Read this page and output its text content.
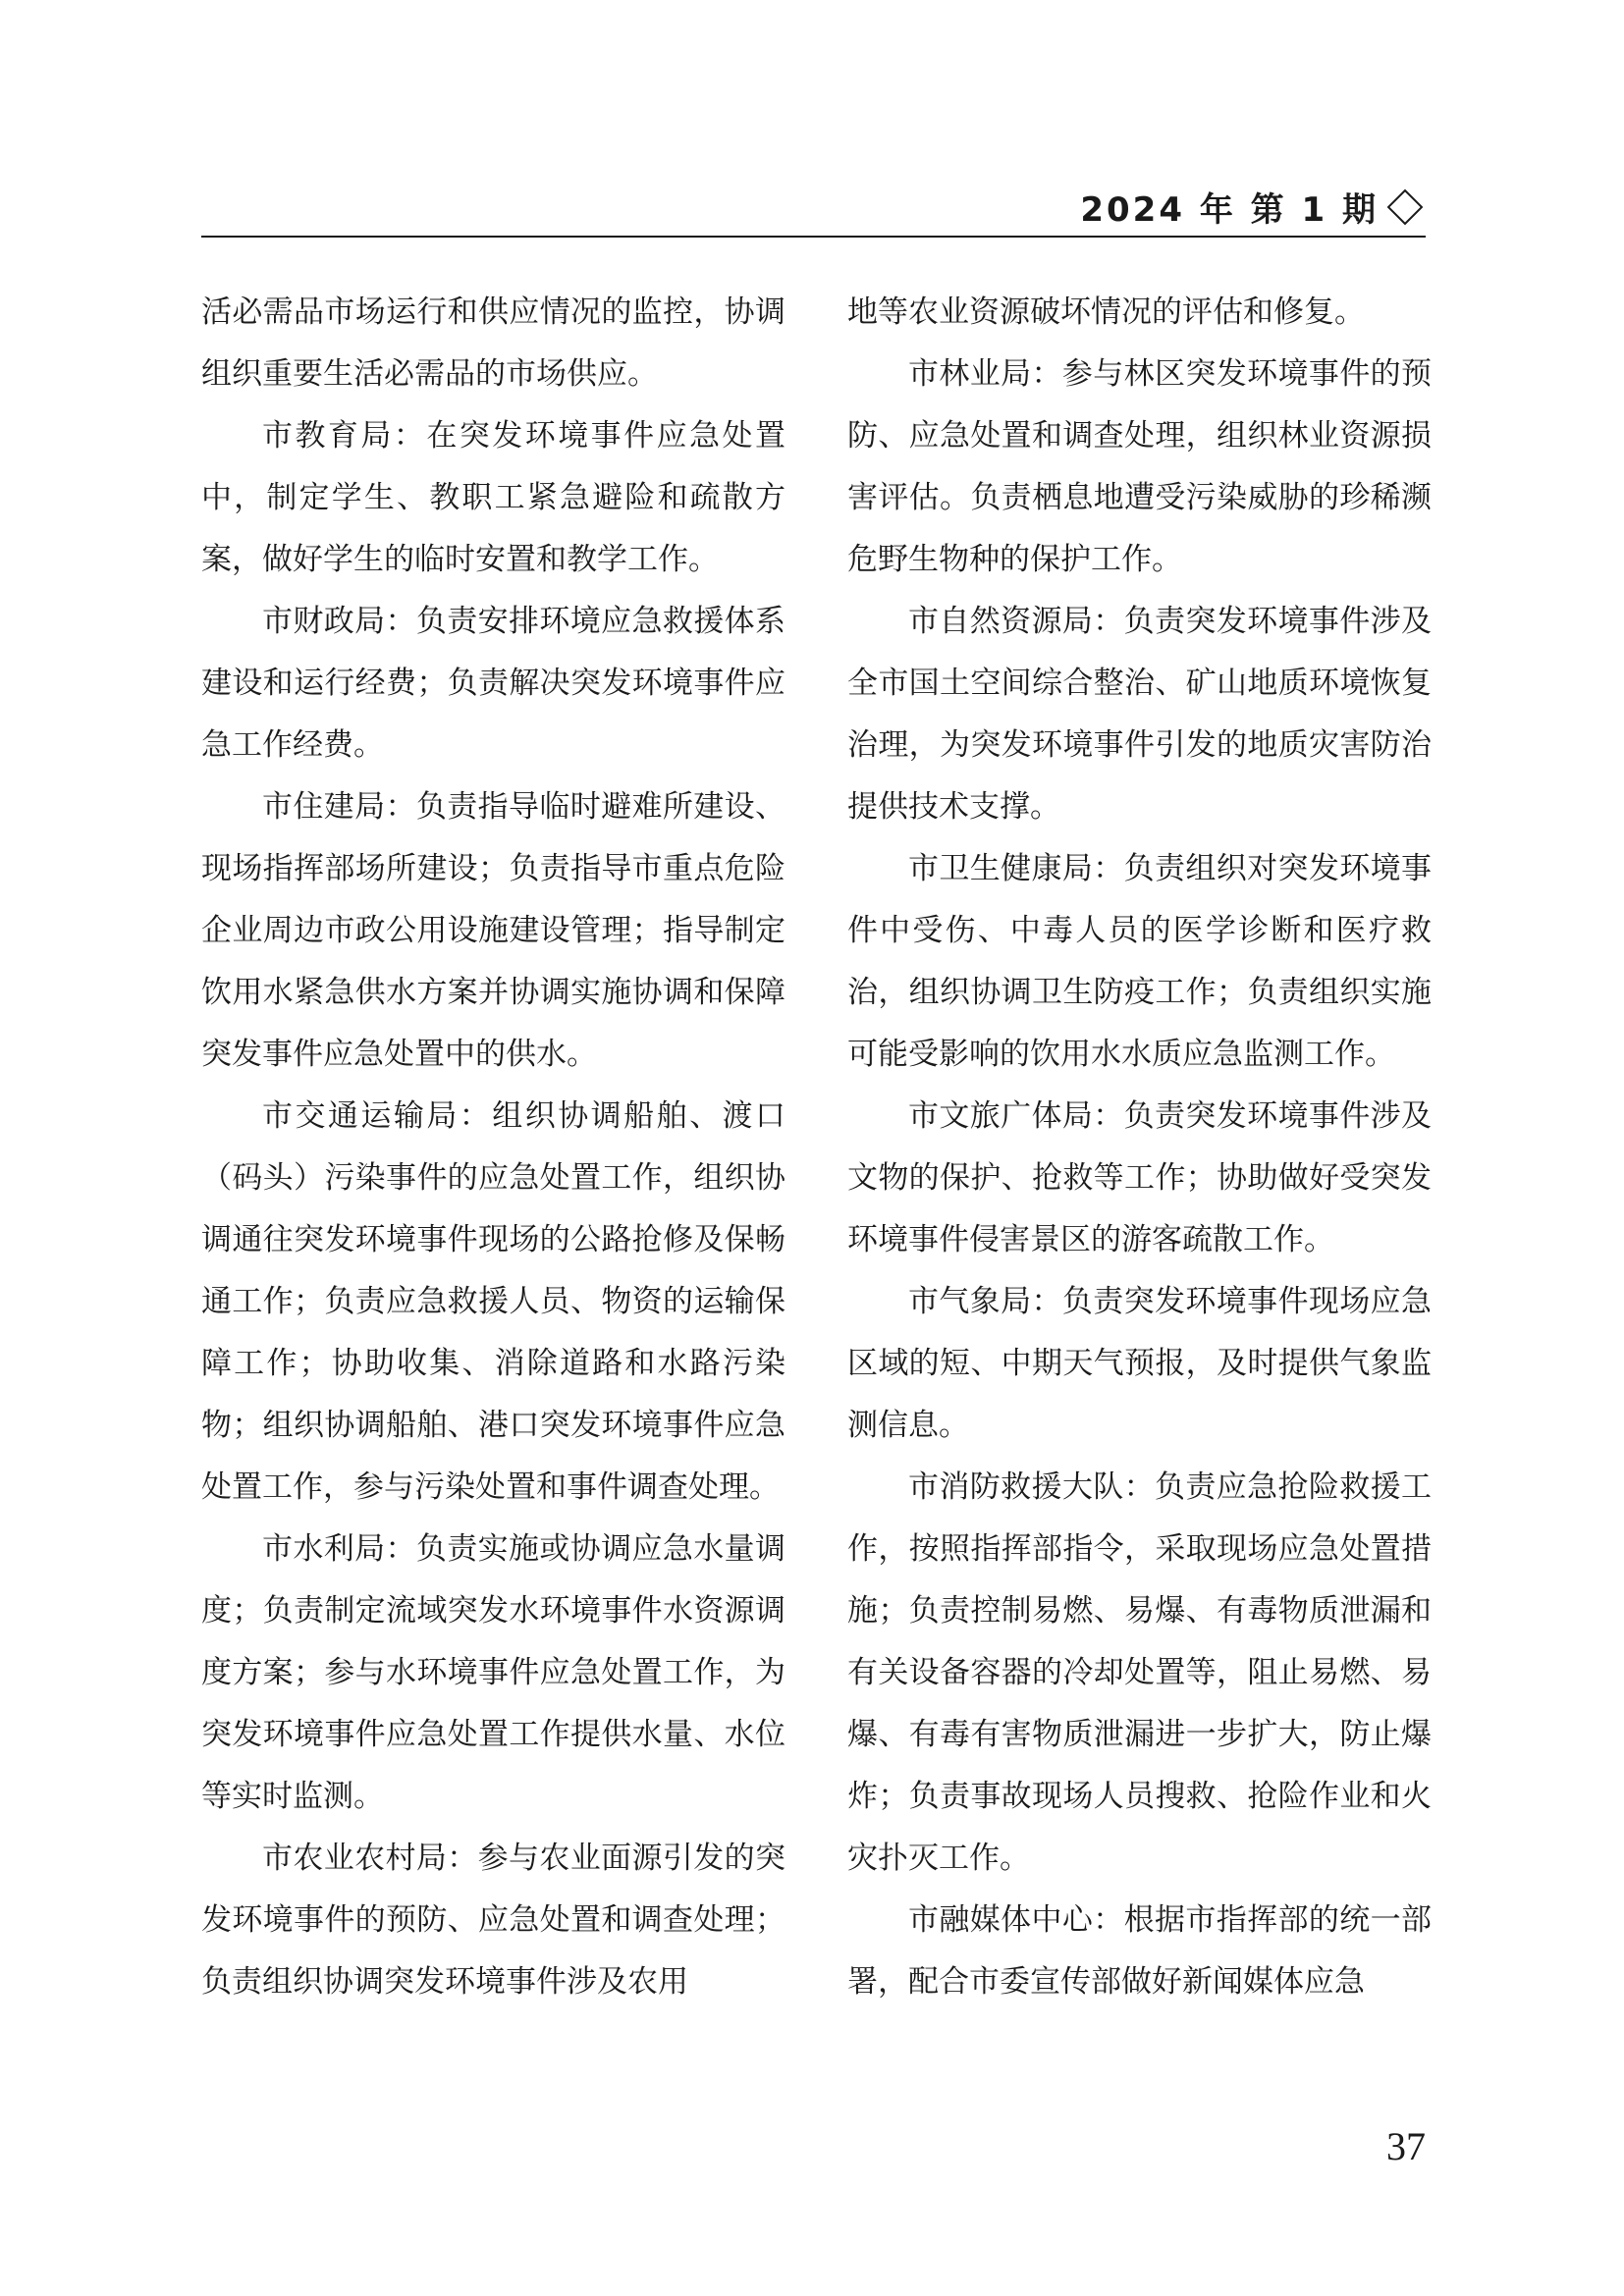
2024 年 第 1 期

活必需品市场运行和供应情况的监控，协调组织重要生活必需品的市场供应。

市教育局：在突发环境事件应急处置中，制定学生、教职工紧急避险和疏散方案，做好学生的临时安置和教学工作。

市财政局：负责安排环境应急救援体系建设和运行经费；负责解决突发环境事件应急工作经费。

市住建局：负责指导临时避难所建设、现场指挥部场所建设；负责指导市重点危险企业周边市政公用设施建设管理；指导制定饮用水紧急供水方案并协调实施协调和保障突发事件应急处置中的供水。

市交通运输局：组织协调船舶、渡口（码头）污染事件的应急处置工作，组织协调通往突发环境事件现场的公路抢修及保畅通工作；负责应急救援人员、物资的运输保障工作；协助收集、消除道路和水路污染物；组织协调船舶、港口突发环境事件应急处置工作，参与污染处置和事件调查处理。

市水利局：负责实施或协调应急水量调度；负责制定流域突发水环境事件水资源调度方案；参与水环境事件应急处置工作，为突发环境事件应急处置工作提供水量、水位等实时监测。

市农业农村局：参与农业面源引发的突发环境事件的预防、应急处置和调查处理；负责组织协调突发环境事件涉及农用

地等农业资源破坏情况的评估和修复。

市林业局：参与林区突发环境事件的预防、应急处置和调查处理，组织林业资源损害评估。负责栖息地遭受污染威胁的珍稀濒危野生物种的保护工作。

市自然资源局：负责突发环境事件涉及全市国土空间综合整治、矿山地质环境恢复治理，为突发环境事件引发的地质灾害防治提供技术支撑。

市卫生健康局：负责组织对突发环境事件中受伤、中毒人员的医学诊断和医疗救治，组织协调卫生防疫工作；负责组织实施可能受影响的饮用水水质应急监测工作。

市文旅广体局：负责突发环境事件涉及文物的保护、抢救等工作；协助做好受突发环境事件侵害景区的游客疏散工作。

市气象局：负责突发环境事件现场应急区域的短、中期天气预报，及时提供气象监测信息。

市消防救援大队：负责应急抢险救援工作，按照指挥部指令，采取现场应急处置措施；负责控制易燃、易爆、有毒物质泄漏和有关设备容器的冷却处置等，阻止易燃、易爆、有毒有害物质泄漏进一步扩大，防止爆炸；负责事故现场人员搜救、抢险作业和火灾扑灭工作。

市融媒体中心：根据市指挥部的统一部署，配合市委宣传部做好新闻媒体应急

37
